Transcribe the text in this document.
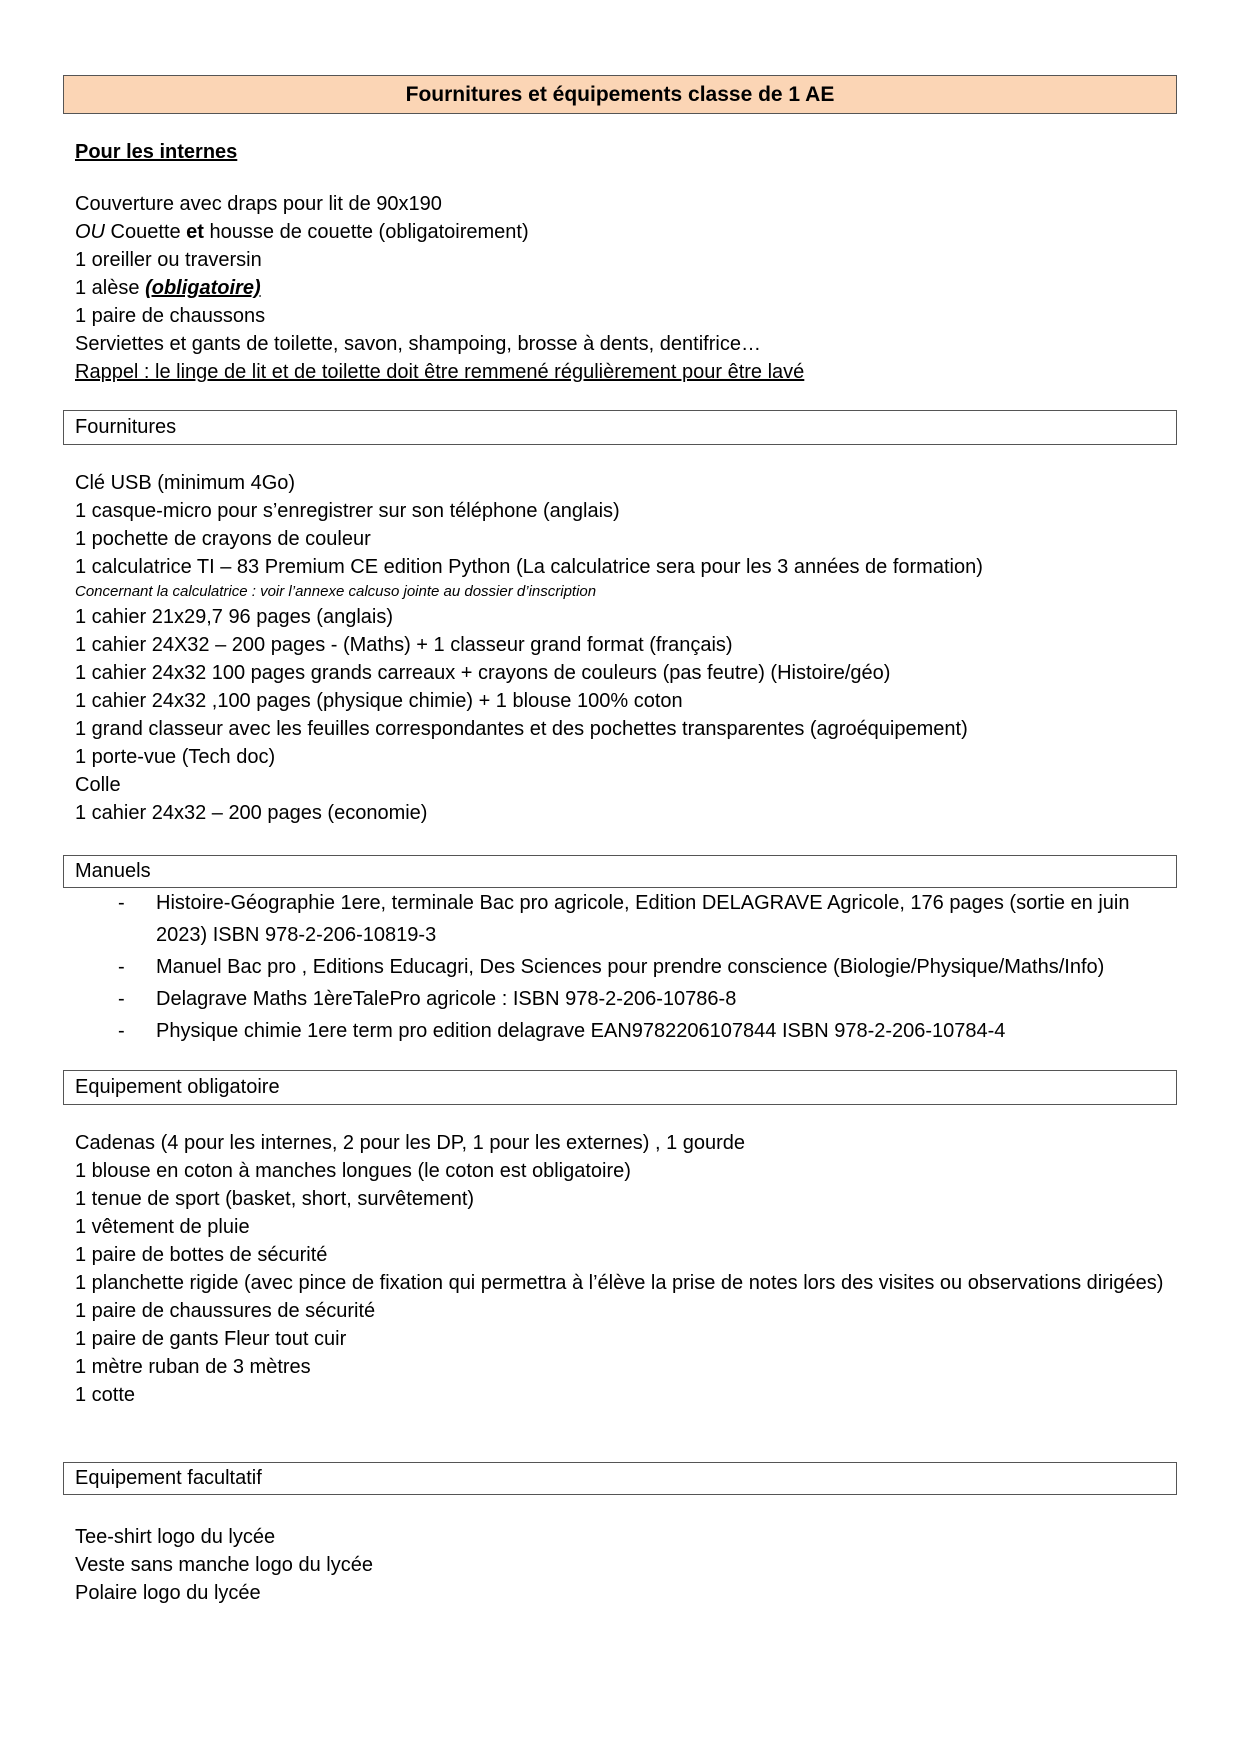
Fournitures et équipements classe de 1 AE
Pour les internes
Couverture avec draps pour lit de 90x190
OU Couette et housse de couette (obligatoirement)
1 oreiller ou traversin
1 alèse (obligatoire)
1 paire de chaussons
Serviettes et gants de toilette, savon, shampoing, brosse à dents, dentifrice…
Rappel : le linge de lit et de toilette doit être remmené régulièrement pour être lavé
Fournitures
Clé USB (minimum 4Go)
1 casque-micro pour s’enregistrer sur son téléphone (anglais)
1 pochette de crayons de couleur
1 calculatrice TI – 83 Premium CE edition Python (La calculatrice sera pour les 3 années de formation)
Concernant la calculatrice : voir l’annexe calcuso jointe au dossier d’inscription
1 cahier 21x29,7 96 pages (anglais)
1 cahier 24X32 – 200 pages - (Maths) + 1 classeur grand format (français)
1 cahier 24x32 100 pages grands carreaux + crayons de couleurs (pas feutre) (Histoire/géo)
1 cahier 24x32 ,100 pages (physique chimie) + 1 blouse 100% coton
1 grand classeur avec les feuilles correspondantes et des pochettes transparentes (agroéquipement)
1 porte-vue (Tech doc)
Colle
1 cahier 24x32 – 200 pages (economie)
Manuels
-	Histoire-Géographie 1ere, terminale Bac pro agricole, Edition DELAGRAVE Agricole, 176 pages (sortie en juin 2023) ISBN 978-2-206-10819-3
-	Manuel Bac pro , Editions Educagri, Des Sciences pour prendre conscience (Biologie/Physique/Maths/Info)
-	Delagrave Maths 1èreTalePro agricole : ISBN 978-2-206-10786-8
-	Physique chimie 1ere term pro edition delagrave EAN9782206107844 ISBN 978-2-206-10784-4
Equipement obligatoire
Cadenas (4 pour les internes, 2 pour les DP, 1 pour les externes) , 1 gourde
1 blouse en coton à manches longues (le coton est obligatoire)
1 tenue de sport (basket, short, survêtement)
1 vêtement de pluie
1 paire de bottes de sécurité
1 planchette rigide (avec pince de fixation qui permettra à l’élève la prise de notes lors des visites ou observations dirigées)
1 paire de chaussures de sécurité
1 paire de gants Fleur tout cuir
1 mètre ruban de 3 mètres
1 cotte
Equipement facultatif
Tee-shirt logo du lycée
Veste sans manche logo du lycée
Polaire logo du lycée
